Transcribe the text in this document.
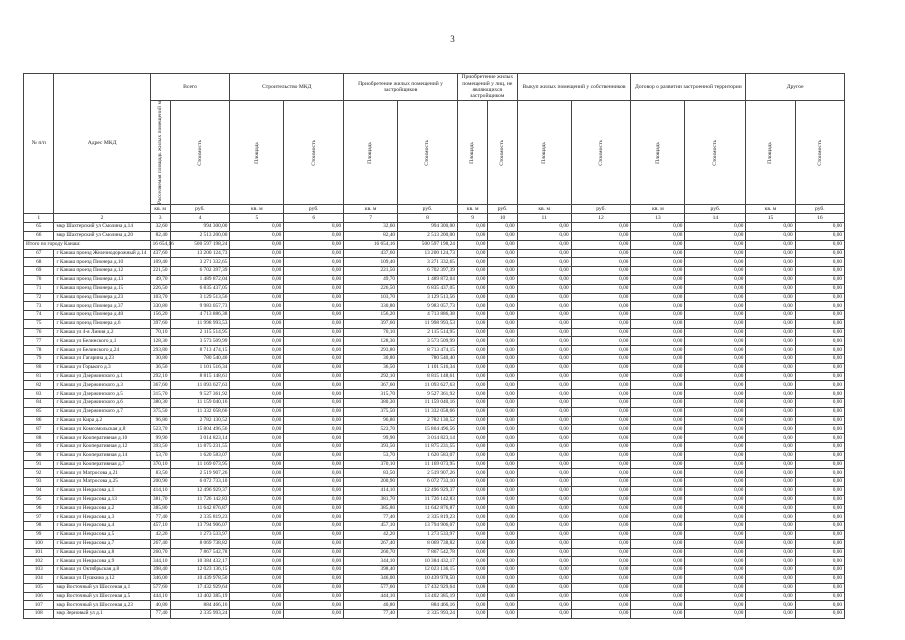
3
№ п/п	Адрес МКД	Всего		Строительство МКД		Приобретение жилых помещений у застройщиков		Приобретение жилых помещений у лиц, не являющихся застройщиком		Выкуп жилых помещений у собственников		Договор о развитии застроенной территории		Другое	

		Расселяемая площадь жилых помещений м	Стоимость	Площадь	Стоимость	Площадь	Стоимость	Площадь	Стоимость	Площадь	Стоимость	Площадь	Стоимость	Площадь	Стоимость

		кв. м	руб.	кв. м	руб.	кв. м	руб.	кв. м	руб.	кв. м	руб.	кв. м	руб.	кв. м	руб.
1	2	3	4	5	6	7	8	9	10	11	12	13	14	15	16
65	мкр Шахтерский ул Смолина д.14	32,60	994 300,00	0,00	0,00	32,60	994 300,00	0,00	0,00	0,00	0,00	0,00	0,00	0,00	0,00
66	мкр Шахтерский ул Смолина д.20	82,40	2 513 200,00	0,00	0,00	82,40	2 513 200,00	0,00	0,00	0,00	0,00	0,00	0,00	0,00	0,00
Итого по городу Канаш:		16 654,16	500 597 198,24	0,00	0,00	16 654,16	500 597 198,24	0,00	0,00	0,00	0,00	0,00	0,00	0,00	0,00
67	г Канаш проезд Железнодорожный д.14	437,60	13 200 124,73	0,00	0,00	437,60	13 200 124,73	0,00	0,00	0,00	0,00	0,00	0,00	0,00	0,00
68	г Канаш проезд Пионера д.10	109,40	3 271 332,65	0,00	0,00	109,40	3 271 332,65	0,00	0,00	0,00	0,00	0,00	0,00	0,00	0,00
69	г Канаш проезд Пионера д.12	221,50	6 702 397,39	0,00	0,00	221,50	6 702 397,39	0,00	0,00	0,00	0,00	0,00	0,00	0,00	0,00
70	г Канаш проезд Пионера д.13	49,70	1 489 872,04	0,00	0,00	49,70	1 489 872,04	0,00	0,00	0,00	0,00	0,00	0,00	0,00	0,00
71	г Канаш проезд Пионера д.15	226,50	6 835 437,05	0,00	0,00	226,50	6 835 437,05	0,00	0,00	0,00	0,00	0,00	0,00	0,00	0,00
72	г Канаш проезд Пионера д.23	103,70	3 129 513,56	0,00	0,00	103,70	3 129 513,56	0,00	0,00	0,00	0,00	0,00	0,00	0,00	0,00
73	г Канаш проезд Пионера д.37	330,80	9 983 057,73	0,00	0,00	330,80	9 983 057,73	0,00	0,00	0,00	0,00	0,00	0,00	0,00	0,00
74	г Канаш проезд Пионера д.40	156,20	4 713 886,38	0,00	0,00	156,20	4 713 886,38	0,00	0,00	0,00	0,00	0,00	0,00	0,00	0,00
75	г Канаш проезд Пионера д.6	397,60	11 998 993,53	0,00	0,00	397,60	11 998 993,53	0,00	0,00	0,00	0,00	0,00	0,00	0,00	0,00
76	г Канаш ул 4-я Линия д.2	70,10	2 115 514,95	0,00	0,00	70,10	2 115 514,95	0,00	0,00	0,00	0,00	0,00	0,00	0,00	0,00
77	г Канаш ул Белинского д.1	128,30	3 573 509,99	0,00	0,00	128,30	3 573 509,99	0,00	0,00	0,00	0,00	0,00	0,00	0,00	0,00
78	г Канаш ул Белинского д.24	293,80	8 713 474,15	0,00	0,00	293,80	8 713 474,15	0,00	0,00	0,00	0,00	0,00	0,00	0,00	0,00
79	г Канаш ул Гагарина д.23	30,80	780 540,40	0,00	0,00	30,80	780 540,40	0,00	0,00	0,00	0,00	0,00	0,00	0,00	0,00
80	г Канаш ул Горького д.3	36,50	1 101 516,34	0,00	0,00	36,50	1 101 516,34	0,00	0,00	0,00	0,00	0,00	0,00	0,00	0,00
81	г Канаш ул Дзержинского д.1	292,10	8 815 148,61	0,00	0,00	292,10	8 815 148,61	0,00	0,00	0,00	0,00	0,00	0,00	0,00	0,00
82	г Канаш ул Дзержинского д.3	367,60	11 093 627,63	0,00	0,00	367,60	11 093 627,63	0,00	0,00	0,00	0,00	0,00	0,00	0,00	0,00
83	г Канаш ул Дзержинского д.5	315,70	9 527 361,92	0,00	0,00	315,70	9 527 361,92	0,00	0,00	0,00	0,00	0,00	0,00	0,00	0,00
84	г Канаш ул Дзержинского д.6	380,30	11 159 040,16	0,00	0,00	380,30	11 159 040,16	0,00	0,00	0,00	0,00	0,00	0,00	0,00	0,00
85	г Канаш ул Дзержинского д.7	375,50	11 332 058,66	0,00	0,00	375,50	11 332 058,66	0,00	0,00	0,00	0,00	0,00	0,00	0,00	0,00
86	г Канаш ул Кира д.2	96,80	2 782 130,52	0,00	0,00	96,80	2 782 130,52	0,00	0,00	0,00	0,00	0,00	0,00	0,00	0,00
87	г Канаш ул Комсомольская д.8	523,70	15 804 496,56	0,00	0,00	523,70	15 804 496,56	0,00	0,00	0,00	0,00	0,00	0,00	0,00	0,00
88	г Канаш ул Кооперативная д.10	99,90	3 014 823,14	0,00	0,00	99,90	3 014 823,14	0,00	0,00	0,00	0,00	0,00	0,00	0,00	0,00
89	г Канаш ул Кооперативная д.12	393,50	11 875 231,55	0,00	0,00	393,50	11 875 231,55	0,00	0,00	0,00	0,00	0,00	0,00	0,00	0,00
90	г Канаш ул Кооперативная д.14	53,70	1 620 583,07	0,00	0,00	53,70	1 620 583,07	0,00	0,00	0,00	0,00	0,00	0,00	0,00	0,00
91	г Канаш ул Кооперативная д.7	370,10	11 169 073,95	0,00	0,00	370,10	11 169 073,95	0,00	0,00	0,00	0,00	0,00	0,00	0,00	0,00
92	г Канаш ул Матросова д.21	83,50	2 519 907,26	0,00	0,00	83,50	2 519 907,26	0,00	0,00	0,00	0,00	0,00	0,00	0,00	0,00
93	г Канаш ул Матросова д.25	200,90	6 072 733,10	0,00	0,00	200,90	6 072 733,10	0,00	0,00	0,00	0,00	0,00	0,00	0,00	0,00
94	г Канаш ул Некрасова д.1	414,10	12 496 929,37	0,00	0,00	414,10	12 496 929,37	0,00	0,00	0,00	0,00	0,00	0,00	0,00	0,00
95	г Канаш ул Некрасова д.13	381,70	11 726 142,83	0,00	0,00	381,70	11 726 142,83	0,00	0,00	0,00	0,00	0,00	0,00	0,00	0,00
96	г Канаш ул Некрасова д.2	385,80	11 642 876,87	0,00	0,00	385,80	11 642 876,87	0,00	0,00	0,00	0,00	0,00	0,00	0,00	0,00
97	г Канаш ул Некрасова д.3	77,40	2 335 819,23	0,00	0,00	77,40	2 335 819,23	0,00	0,00	0,00	0,00	0,00	0,00	0,00	0,00
98	г Канаш ул Некрасова д.4	457,10	13 794 906,07	0,00	0,00	457,10	13 794 906,07	0,00	0,00	0,00	0,00	0,00	0,00	0,00	0,00
99	г Канаш ул Некрасова д.5	42,20	1 273 533,97	0,00	0,00	42,20	1 273 533,97	0,00	0,00	0,00	0,00	0,00	0,00	0,00	0,00
100	г Канаш ул Некрасова д.7	267,40	8 069 738,82	0,00	0,00	267,40	8 069 738,82	0,00	0,00	0,00	0,00	0,00	0,00	0,00	0,00
101	г Канаш ул Некрасова д.8	260,70	7 867 542,78	0,00	0,00	260,70	7 867 542,78	0,00	0,00	0,00	0,00	0,00	0,00	0,00	0,00
102	г Канаш ул Некрасова д.9	344,10	10 384 432,17	0,00	0,00	344,10	10 384 432,17	0,00	0,00	0,00	0,00	0,00	0,00	0,00	0,00
103	г Канаш ул Октябрьская д.8	398,40	12 023 136,15	0,00	0,00	398,40	12 023 136,15	0,00	0,00	0,00	0,00	0,00	0,00	0,00	0,00
104	г Канаш ул Пушкина д.12	346,00	10 439 978,50	0,00	0,00	346,00	10 439 978,50	0,00	0,00	0,00	0,00	0,00	0,00	0,00	0,00
105	мкр Восточный ул Шоссеная д.1	577,60	17 432 929,64	0,00	0,00	577,60	17 432 929,64	0,00	0,00	0,00	0,00	0,00	0,00	0,00	0,00
106	мкр Восточный ул Шоссеная д.5	444,10	13 402 385,19	0,00	0,00	444,10	13 402 385,19	0,00	0,00	0,00	0,00	0,00	0,00	0,00	0,00
107	мкр Восточный ул Шоссеная д.23	40,80	884 466,16	0,00	0,00	40,80	884 466,16	0,00	0,00	0,00	0,00	0,00	0,00	0,00	0,00
108	мкр Зерновый ул д.1	77,40	2 335 993,24	0,00	0,00	77,40	2 335 993,24	0,00	0,00	0,00	0,00	0,00	0,00	0,00	0,00
